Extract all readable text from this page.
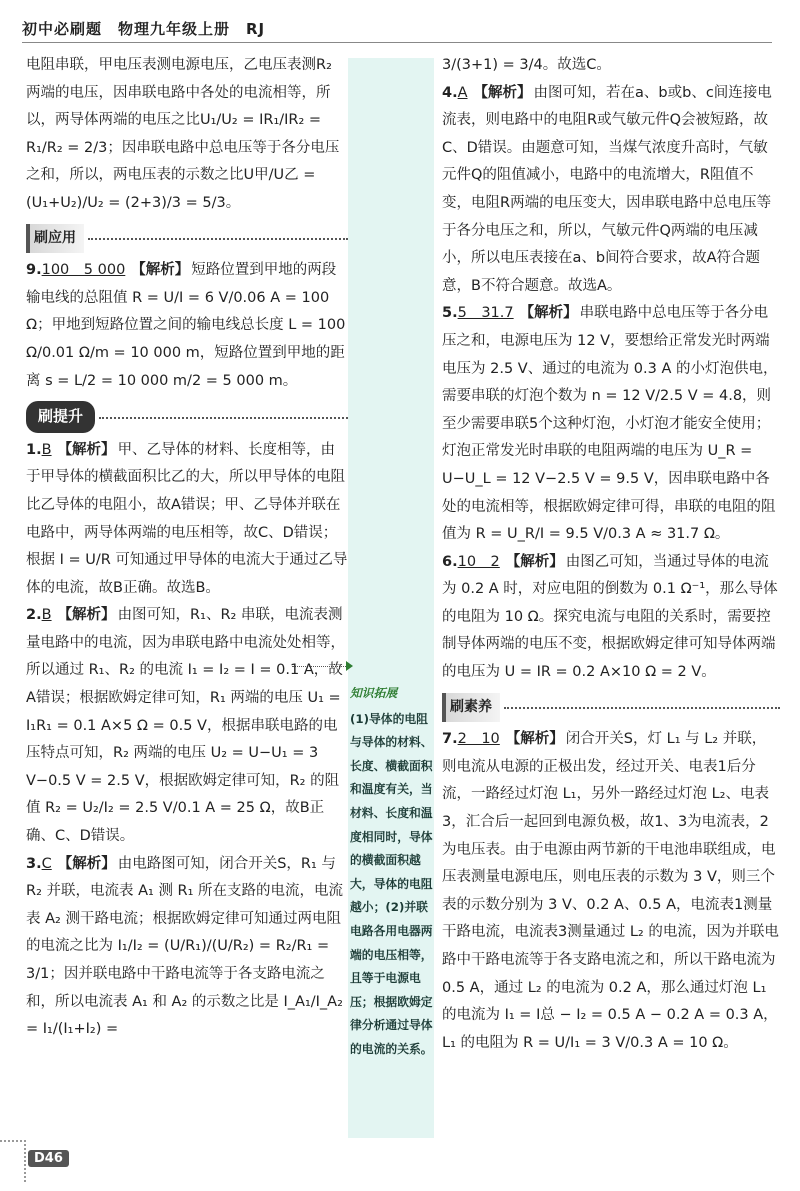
初中必刷题　物理九年级上册　RJ

电阻串联，甲电压表测电源电压，乙电压表测R₂ 两端的电压，因串联电路中各处的电流相等，所以，两导体两端的电压之比U₁/U₂ = IR₁/IR₂ = R₁/R₂ = 2/3；因串联电路中总电压等于各分电压之和，所以，两电压表的示数之比U甲/U乙 = (U₁+U₂)/U₂ = (2+3)/3 = 5/3。

刷应用

9.100　5 000 【解析】 短路位置到甲地的两段输电线的总阻值 R = U/I = 6 V/0.06 A = 100 Ω；甲地到短路位置之间的输电线总长度 L = 100 Ω/0.01 Ω/m = 10 000 m，短路位置到甲地的距离 s = L/2 = 10 000 m/2 = 5 000 m。

刷提升

1.B 【解析】 甲、乙导体的材料、长度相等，由于甲导体的横截面积比乙的大，所以甲导体的电阻比乙导体的电阻小，故A错误；甲、乙导体并联在电路中，两导体两端的电压相等，故C、D错误；根据 I = U/R 可知通过甲导体的电流大于通过乙导体的电流，故B正确。故选B。

2.B 【解析】 由图可知，R₁、R₂ 串联，电流表测量电路中的电流，因为串联电路中电流处处相等，所以通过 R₁、R₂ 的电流 I₁ = I₂ = I = 0.1 A，故A错误；根据欧姆定律可知，R₁ 两端的电压 U₁ = I₁R₁ = 0.1 A×5 Ω = 0.5 V，根据串联电路的电压特点可知，R₂ 两端的电压 U₂ = U−U₁ = 3 V−0.5 V = 2.5 V，根据欧姆定律可知，R₂ 的阻值 R₂ = U₂/I₂ = 2.5 V/0.1 A = 25 Ω，故B正确、C、D错误。

3.C 【解析】 由电路图可知，闭合开关S，R₁ 与 R₂ 并联，电流表 A₁ 测 R₁ 所在支路的电流，电流表 A₂ 测干路电流；根据欧姆定律可知通过两电阻的电流之比为 I₁/I₂ = (U/R₁)/(U/R₂) = R₂/R₁ = 3/1；因并联电路中干路电流等于各支路电流之和，所以电流表 A₁ 和 A₂ 的示数之比是 I_A₁/I_A₂ = I₁/(I₁+I₂) =

3/(3+1) = 3/4。故选C。

4.A 【解析】 由图可知，若在a、b或b、c间连接电流表，则电路中的电阻R或气敏元件Q会被短路，故C、D错误。由题意可知，当煤气浓度升高时，气敏元件Q的阻值减小，电路中的电流增大，R阻值不变，电阻R两端的电压变大，因串联电路中总电压等于各分电压之和，所以，气敏元件Q两端的电压减小，所以电压表接在a、b间符合要求，故A符合题意，B不符合题意。故选A。

5.5　31.7 【解析】 串联电路中总电压等于各分电压之和，电源电压为 12 V，要想给正常发光时两端电压为 2.5 V、通过的电流为 0.3 A 的小灯泡供电，需要串联的灯泡个数为 n = 12 V/2.5 V = 4.8，则至少需要串联5个这种灯泡，小灯泡才能安全使用；灯泡正常发光时串联的电阻两端的电压为 U_R = U−U_L = 12 V−2.5 V = 9.5 V，因串联电路中各处的电流相等，根据欧姆定律可得，串联的电阻的阻值为 R = U_R/I = 9.5 V/0.3 A ≈ 31.7 Ω。

6.10　2 【解析】 由图乙可知，当通过导体的电流为 0.2 A 时，对应电阻的倒数为 0.1 Ω⁻¹，那么导体的电阻为 10 Ω。探究电流与电阻的关系时，需要控制导体两端的电压不变，根据欧姆定律可知导体两端的电压为 U = IR = 0.2 A×10 Ω = 2 V。

刷素养

7.2　10 【解析】 闭合开关S，灯 L₁ 与 L₂ 并联，则电流从电源的正极出发，经过开关、电表1后分流，一路经过灯泡 L₁，另外一路经过灯泡 L₂、电表3，汇合后一起回到电源负极，故1、3为电流表，2为电压表。由于电源由两节新的干电池串联组成，电压表测量电源电压，则电压表的示数为 3 V，则三个表的示数分别为 3 V、0.2 A、0.5 A，电流表1测量干路电流，电流表3测量通过 L₂ 的电流，因为并联电路中干路电流等于各支路电流之和，所以干路电流为 0.5 A，通过 L₂ 的电流为 0.2 A，那么通过灯泡 L₁ 的电流为 I₁ = I总 − I₂ = 0.5 A − 0.2 A = 0.3 A，L₁ 的电阻为 R = U/I₁ = 3 V/0.3 A = 10 Ω。

知识拓展
(1)导体的电阻与导体的材料、长度、横截面积和温度有关，当材料、长度和温度相同时，导体的横截面积越大，导体的电阻越小；(2)并联电路各用电器两端的电压相等，且等于电源电压；根据欧姆定律分析通过导体的电流的关系。
D46
